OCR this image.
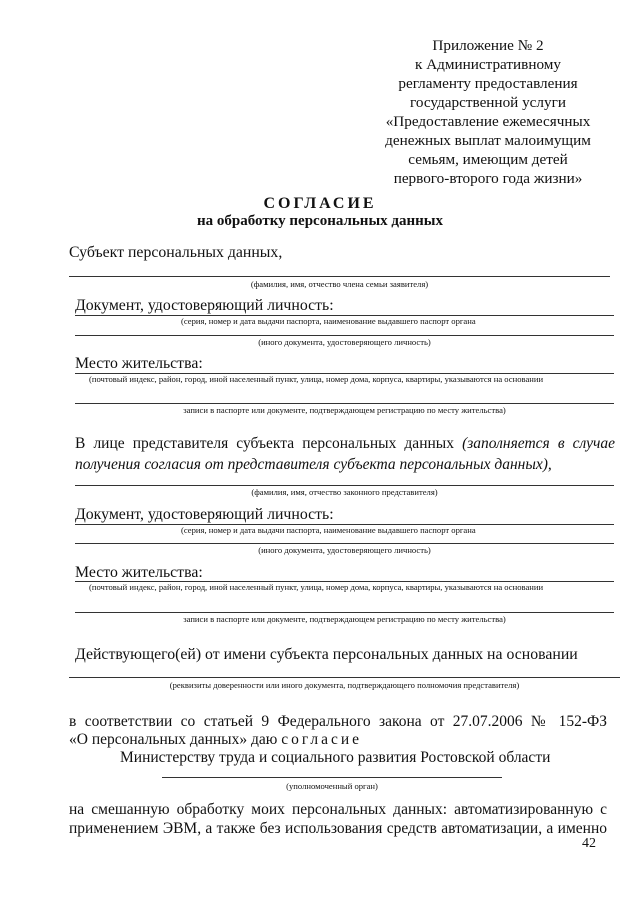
Приложение № 2
к Административному
регламенту предоставления
государственной услуги
«Предоставление ежемесячных
денежных выплат малоимущим
семьям, имеющим детей
первого-второго года жизни»
СОГЛАСИЕ
на обработку персональных данных
Субъект персональных данных,
(фамилия, имя, отчество члена семьи заявителя)
Документ, удостоверяющий личность:
(серия, номер и дата выдачи паспорта, наименование выдавшего паспорт органа
(иного документа, удостоверяющего личность)
Место жительства:
(почтовый индекс, район, город, иной населенный пункт, улица, номер дома, корпуса, квартиры, указываются на основании
записи в паспорте или документе, подтверждающем регистрацию по месту жительства)
В лице представителя субъекта персональных данных (заполняется в случае
получения согласия от представителя субъекта персональных данных),
(фамилия, имя, отчество законного представителя)
Документ, удостоверяющий личность:
(серия, номер и дата выдачи паспорта, наименование выдавшего паспорт органа
(иного документа, удостоверяющего личность)
Место жительства:
(почтовый индекс, район, город, иной населенный пункт, улица, номер дома, корпуса, квартиры, указываются на основании
записи в паспорте или документе, подтверждающем регистрацию по месту жительства)
Действующего(ей) от имени субъекта персональных данных на основании
(реквизиты доверенности или иного документа, подтверждающего полномочия представителя)
в соответствии со статьей 9 Федерального закона от 27.07.2006 № 152-ФЗ
«О персональных данных» даю согласие
Министерству труда и социального развития Ростовской области
(уполномоченный орган)
на смешанную обработку моих персональных данных: автоматизированную с
применением ЭВМ, а также без использования средств автоматизации, а именно
42
